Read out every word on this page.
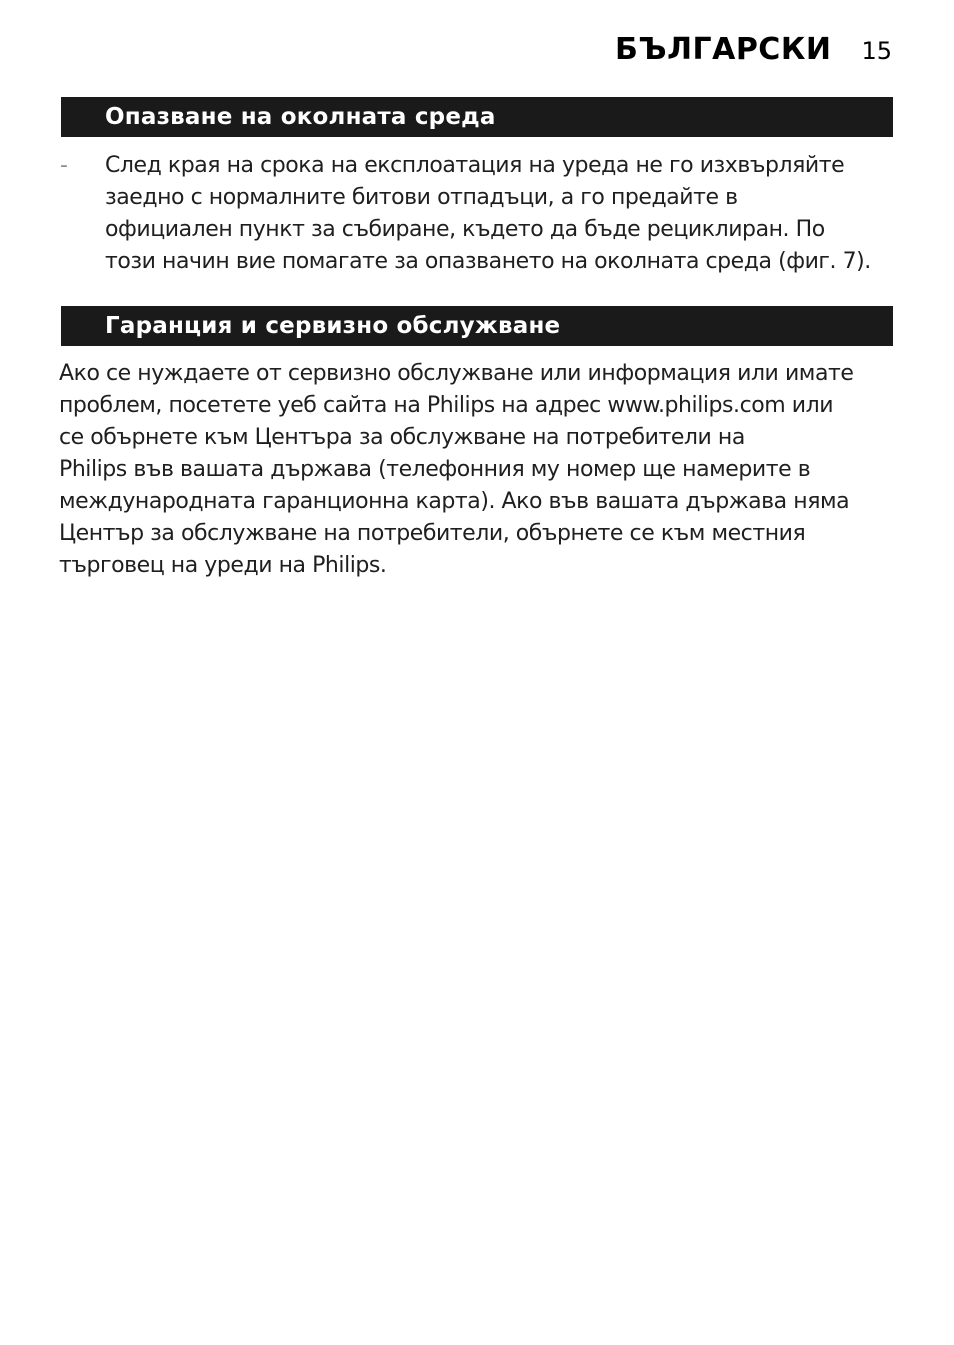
БЪЛГАРСКИ 15
Опазване на околната среда
-	След края на срока на експлоатация на уреда не го изхвърляйте
заедно с нормалните битови отпадъци, а го предайте в
официален пункт за събиране, където да бъде рециклиран. По
този начин вие помагате за опазването на околната среда (фиг. 7).
Гаранция и сервизно обслужване

Ако се нуждаете от сервизно обслужване или информация или имате
проблем, посетете уеб сайта на Philips на адрес www.philips.com или
се обърнете към Центъра за обслужване на потребители на
Philips във вашата държава (телефонния му номер ще намерите в
международната гаранционна карта). Ако във вашата държава няма
Център за обслужване на потребители, обърнете се към местния
търговец на уреди на Philips.
